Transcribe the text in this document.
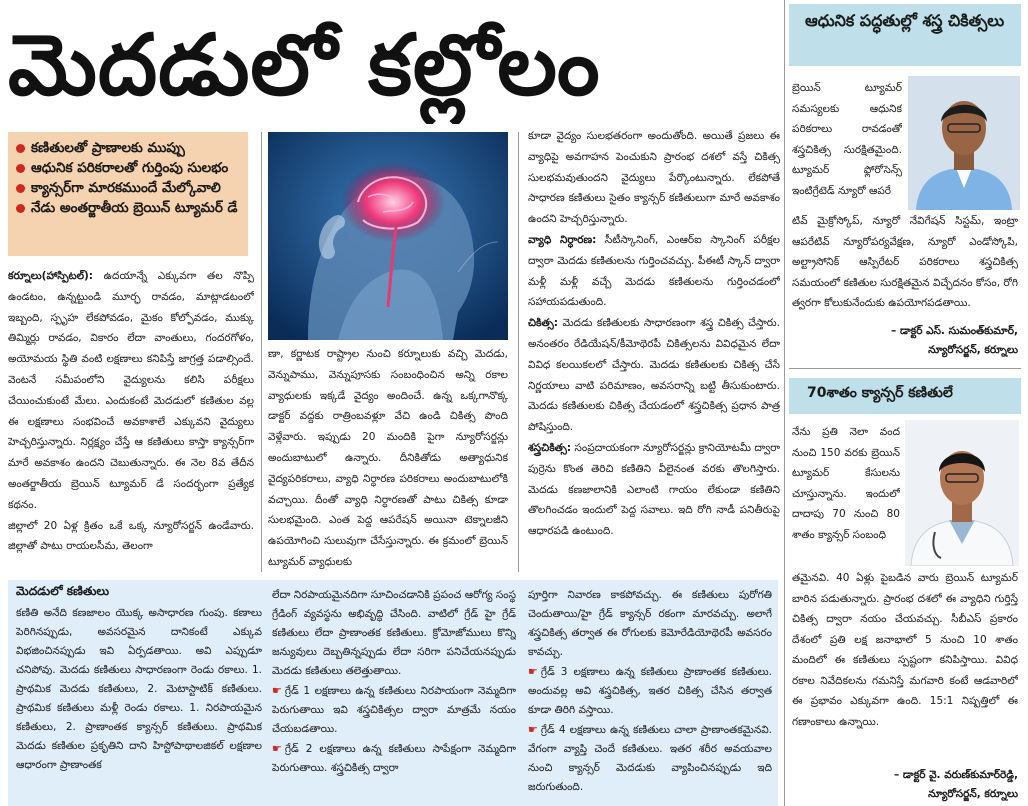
మెదడులో కల్లోలం
కణితులతో ప్రాణాలకు ముప్పు
ఆధునిక పరికరాలతో గుర్తింపు సులభం
క్యాన్సర్‌గా మారకముందే మేల్కోవాలి
నేడు అంతర్జాతీయ బ్రెయిన్ ట్యూమర్ డే

కర్నూలు(హాస్పిటల్): ఉదయాన్నే ఎక్కువగా తల నొప్పి ఉండటం, ఉన్నట్టుండి మూర్ఛ రావడం, మాట్లాడటంలో ఇబ్బంది, స్పృహ లేకపోవడం, మైకం కోల్పోవడం, ముక్కు తిమ్మిర్లు రావడం, వికారం లేదా వాంతులు, గందరగోళం, అయోమయ స్థితి వంటి లక్షణాలు కనిపిస్తే జాగ్రత్త పడాల్సిందే. వెంటనే సమీపంలోని వైద్యులను కలిసి పరీక్షలు చేయించుకుంటే మేలు. ఎందుకంటే మెదడులో కణితుల వల్ల ఈ లక్షణాలు సంభవించే అవకాశాలే ఎక్కువని వైద్యులు హెచ్చరిస్తున్నారు. నిర్లక్ష్యం చేస్తే ఆ కణితులు కాస్తా క్యాన్సర్‌గా మారే అవకాశం ఉందని చెబుతున్నారు. ఈ నెల 8వ తేదీన అంతర్జాతీయ బ్రెయిన్ ట్యూమర్ డే సందర్భంగా ప్రత్యేక కథనం.

జిల్లాలో 20 ఏళ్ల క్రితం ఒకే ఒక్క న్యూరోసర్జన్ ఉండేవారు. జిల్లాతో పాటు రాయలసీమ, తెలంగా

ణా, కర్ణాటక రాష్ట్రాల నుంచి కర్నూలుకు వచ్చి మెదడు, వెన్నుపాము, వెన్నుపూసకు సంబంధించిన అన్ని రకాల వ్యాధులకు ఇక్కడే వైద్యం అందించే. ఉన్న ఒక్కగానొక్క డాక్టర్ వద్దకు రాత్రింబవళ్లూ వేచి ఉండి చికిత్స పొంది వెళ్లేవారు. ఇప్పుడు 20 మందికి పైగా న్యూరోసర్జన్లు అందుబాటులో ఉన్నారు. దీనికితోడు అత్యాధునిక వైద్యపరికరాలు, వ్యాధి నిర్ధారణ పరికరాలు అందుబాటులోకి వచ్చాయి. దీంతో వ్యాధి నిర్ధారణతో పాటు చికిత్స కూడా సులభమైంది. ఎంత పెద్ద ఆపరేషన్ అయినా టెక్నాలజీని ఉపయోగించి సులువుగా చేసేస్తున్నారు. ఈ క్రమంలో బ్రెయిన్ ట్యూమర్ వ్యాధులకు

కూడా వైద్యం సులభతరంగా అందుతోంది. అయితే ప్రజలు ఈ వ్యాధిపై అవగాహన పెంచుకుని ప్రారంభ దశలో వస్తే చికిత్స సులభమవుతుందని వైద్యులు పేర్కొంటున్నారు. లేకపోతే సాధారణ కణితులు సైతం క్యాన్సర్ కణితులుగా మారే అవకాశం ఉందని హెచ్చరిస్తున్నారు.

వ్యాధి నిర్ధారణ: సీటీస్కానింగ్, ఎంఆర్ఐ స్కానింగ్ పరీక్షల ద్వారా మెదడు కణితులను గుర్తించవచ్చు. పీఈటీ స్కాన్ ద్వారా మళ్లీ మళ్లీ వచ్చే మెదడు కణితులను గుర్తించడంలో సహాయపడుతుంది.

చికిత్స: మెదడు కణితులకు సాధారణంగా శస్త్ర చికిత్స చేస్తారు. అనంతరం రేడియేషన్/కీమోథెరపీ చికిత్సలను వివిధమైన లేదా వివిధ కలయికలలో చేస్తారు. మెదడు కణితులకు చికిత్స చేసే నిర్ణయాలు వాటి పరిమాణం, అవసరాన్ని బట్టి తీసుకుంటారు. మెదడు కణితులకు చికిత్స చేయడంలో శస్త్రచికిత్స ప్రధాన పాత్ర పోషిస్తుంది.

శస్త్రచికిత్స: సంప్రదాయకంగా న్యూరోసర్జన్లు క్రానియోటమీ ద్వారా పుర్రెను కొంత తెరిచి కణితిని వీలైనంత వరకు తొలగిస్తారు. మెదడు కణజాలానికి ఎలాంటి గాయం లేకుండా కణితిని తొలగించడం ఇందులో పెద్ద సవాలు. ఇది రోగి నాడీ పనితీరుపై ఆధారపడి ఉంటుంది.

మెదడులో కణితులు
కణితి అనేది కణజాలం యొక్క అసాధారణ గుంపు. కణాలు పెరిగినప్పుడు, అవసరమైన దానికంటే ఎక్కువ విభజించినప్పుడు ఇవి ఏర్పడతాయి. అవి ఎప్పుడూ చనిపోవు. మెదడు కణితులు సాధారణంగా రెండు రకాలు. 1. ప్రాథమిక మెదడు కణితులు, 2. మెటాస్టాటిక్ కణితులు. ప్రాథమిక కణితులు మళ్లీ రెండు రకాలు. 1. నిరపాయమైన కణితులు, 2. ప్రాణాంతక క్యాన్సర్ కణితులు. ప్రాథమిక మెదడు కణితుల ప్రకృతిని దాని హిస్టోపాథాలజికల్ లక్షణాల ఆధారంగా ప్రాణాంతక
లేదా నిరపాయమైనదిగా సూచించడానికి ప్రపంచ ఆరోగ్య సంస్థ గ్రేడింగ్ వ్యవస్థను అభివృద్ధి చేసింది. వాటిలో గ్రేడ్ హై గ్రేడ్ కణితులు లేదా ప్రాణాంతక కణితులు. క్రోమోజోములు కొన్ని జన్యువులు దెబ్బతిన్నప్పుడు లేదా సరిగా పనిచేయనప్పుడు మెదడు కణితులు తలెత్తుతాయి.
☛ గ్రేడ్ 1 లక్షణాలు ఉన్న కణితులు నిరపాయంగా నెమ్మదిగా పెరుగుతాయి ఇవి శస్త్రచికిత్సల ద్వారా మాత్రమే నయం చేయబడతాయి.
☛ గ్రేడ్ 2 లక్షణాలు ఉన్న కణితులు సాపేక్షంగా నెమ్మదిగా పెరుగుతాయి. శస్త్రచికిత్స ద్వారా
పూర్తిగా నివారణ కాకపోవచ్చు. ఈ కణితులు పురోగతి చెందుతాయి/హై గ్రేడ్ క్యాన్సర్ రకంగా మారవచ్చు. అలాగే శస్త్రచికిత్స తర్వాత ఈ రోగులకు కెమోరేడియోథెరపీ అవసరం కావచ్చు.
☛ గ్రేడ్ 3 లక్షణాలు ఉన్న కణితులు ప్రాణాంతక కణితులు. అందువల్ల అవి శస్త్రచికిత్స, ఇతర చికిత్స చేసిన తర్వాత కూడా తిరిగి వస్తాయి.
☛ గ్రేడ్ 4 లక్షణాలు ఉన్న కణితులు చాలా ప్రాణాంతకమైనవి. వేగంగా వ్యాప్తి చెందే కణితులు. ఇతర శరీర అవయవాల నుంచి క్యాన్సర్ మెదడుకు వ్యాపించినప్పుడు ఇది జరుగుతుంది.
ఆధునిక పద్ధతుల్లో శస్త్ర చికిత్సలు
బ్రెయిన్ ట్యూమర్ సమస్యలకు ఆధునిక పరికరాలు రావడంతో శస్త్రచికిత్స సురక్షితమైంది. ట్యూమర్ ఫ్లోరోసెన్స్ ఇంటిగ్రేటెడ్ న్యూరో ఆపరే
టివ్ మైక్రోస్కోప్, న్యూరో నేవిగేషన్ సిస్టమ్, ఇంట్రా ఆపరేటివ్ న్యూరోపర్యవేక్షణ, న్యూరో ఎండోస్కోపి, అల్ట్రాసోనిక్ ఆస్పిరేటర్ పరికరాలు శస్త్రచికిత్స సమయంలో కణితుల సురక్షితమైన విచ్ఛేదనం కోసం, రోగి త్వరగా కోలుకునేందుకు ఉపయోగపడతాయి.
– డాక్టర్ ఎస్. సుమంత్‌కుమార్,
న్యూరోసర్జన్, కర్నూలు
70శాతం క్యాన్సర్ కణితులే
నేను ప్రతి నెలా వంద నుంచి 150 వరకు బ్రెయిన్ ట్యూమర్ కేసులను చూస్తున్నాను. ఇందులో దాదాపు 70 నుంచి 80 శాతం క్యాన్సర్ సంబంధి
తమైనవి. 40 ఏళ్లు పైబడిన వారు బ్రెయిన్ ట్యూమర్ బారిన పడుతున్నారు. ప్రారంభ దశలో ఈ వ్యాధిని గుర్తిస్తే చికిత్స ద్వారా నయం చేయవచ్చు. సీబీఎస్ ప్రకారం దేశంలో ప్రతి లక్ష జనాభాలో 5 నుంచి 10 శాతం మందిలో ఈ కణితులు స్పష్టంగా కనిపిస్తాయి. వివిధ రకాల నివేదికలను గమనిస్తే మగవారి కంటే ఆడవారిలో ఈ ప్రభావం ఎక్కువగా ఉంది. 15:1 నిష్పత్తిలో ఈ గణాంకాలు ఉన్నాయి.
– డాక్టర్ వై. వరుణ్‌కుమార్‌రెడ్డి,
న్యూరోసర్జన్, కర్నూలు
